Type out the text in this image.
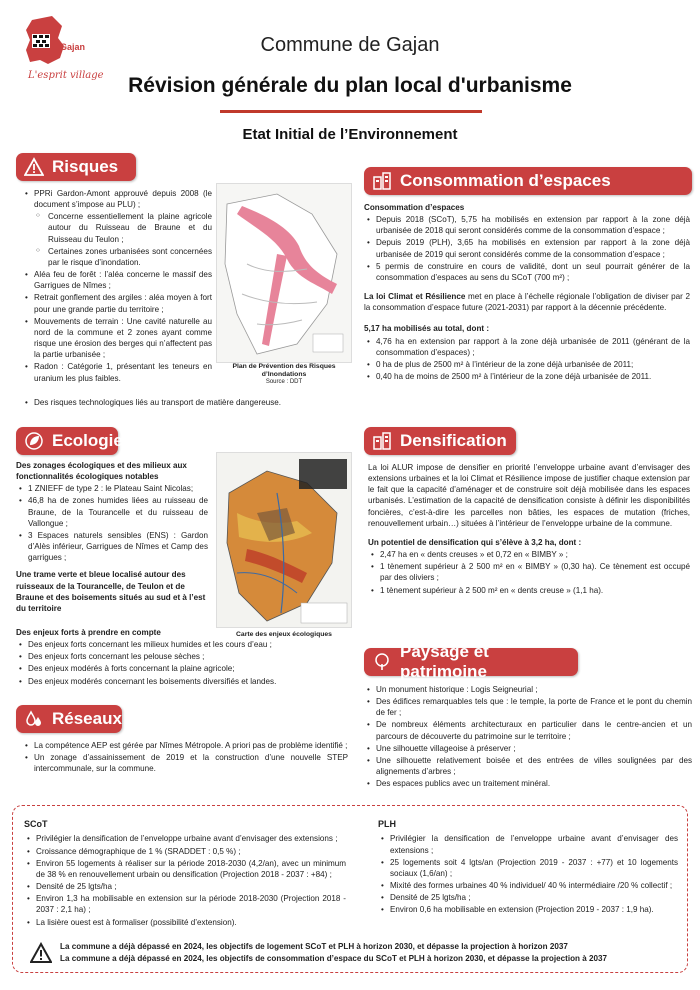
Gajan
L'esprit village
Commune de Gajan
Révision générale du plan local d'urbanisme
Etat Initial de l’Environnement
Risques
• PPRi Gardon-Amont approuvé depuis 2008 (le document s’impose au PLU) ;
○ Concerne essentiellement la plaine agricole autour du Ruisseau de Braune et du Ruisseau du Teulon ;
○ Certaines zones urbanisées sont concernées par le risque d’inondation.
• Aléa feu de forêt : l’aléa concerne le massif des Garrigues de Nîmes ;
• Retrait gonflement des argiles : aléa moyen à fort pour une grande partie du territoire ;
• Mouvements de terrain : Une cavité naturelle au nord de la commune et 2 zones ayant comme risque une érosion des berges qui n’affectent pas la partie urbanisée ;
• Radon : Catégorie 1, présentant les teneurs en uranium les plus faibles.
• Des risques technologiques liés au transport de matière dangereuse.
Plan de Prévention des Risques d’Inondations
Source : DDT
Consommation d’espaces
Consommation d’espaces
• Depuis 2018 (SCoT), 5,75 ha mobilisés en extension par rapport à la zone déjà urbanisée de 2018 qui seront considérés comme de la consommation d’espace ;
• Depuis 2019 (PLH), 3,65 ha mobilisés en extension par rapport à la zone déjà urbanisée de 2019 qui seront considérés comme de la consommation d’espace ;
• 5 permis de construire en cours de validité, dont un seul pourrait générer de la consommation d’espaces au sens du SCoT (700 m²) ;

La loi Climat et Résilience met en place à l’échelle régionale l’obligation de diviser par 2 la consommation d’espace future (2021-2031) par rapport à la décennie précédente.

5,17 ha mobilisés au total, dont :
• 4,76 ha en extension par rapport à la zone déjà urbanisée de 2011 (générant de la consommation d’espaces) ;
• 0 ha de plus de 2500 m² à l’intérieur de la zone déjà urbanisée de 2011;
• 0,40 ha de moins de 2500 m² à l’intérieur de la zone déjà urbanisée de 2011.
Ecologie
Des zonages écologiques et des milieux aux fonctionnalités écologiques notables
• 1 ZNIEFF de type 2 : le Plateau Saint Nicolas;
• 46,8 ha de zones humides liées au ruisseau de Braune, de la Tourancelle et du ruisseau de Vallongue ;
• 3 Espaces naturels sensibles (ENS) : Gardon d’Alès inférieur, Garrigues de Nîmes et Camp des garrigues ;
Une trame verte et bleue localisé autour des ruisseaux de la Tourancelle, de Teulon et de Braune et des boisements situés au sud et à l’est du territoire
Des enjeux forts à prendre en compte
• Des enjeux forts concernant les milieux humides et les cours d’eau ;
• Des enjeux forts concernant les pelouse sèches ;
• Des enjeux modérés à forts concernant la plaine agricole;
• Des enjeux modérés concernant les boisements diversifiés et landes.
Carte des enjeux écologiques
Densification

La loi ALUR impose de densifier en priorité l’enveloppe urbaine avant d’envisager des extensions urbaines et la loi Climat et Résilience impose de justifier chaque extension par le fait que la capacité d’aménager et de construire soit déjà mobilisée dans les espaces urbanisés. L’estimation de la capacité de densification consiste à définir les disponibilités foncières, c’est-à-dire les parcelles non bâties, les espaces de mutation (friches, renouvellement urbain…) situées à l’intérieur de l’enveloppe urbaine de la commune.

Un potentiel de densification qui s’élève à 3,2 ha, dont :
• 2,47 ha en « dents creuses » et 0,72 en « BIMBY » ;
• 1 tènement supérieur à 2 500 m² en « BIMBY » (0,30 ha). Ce tènement est occupé par des oliviers ;
• 1 tènement supérieur à 2 500 m² en « dents creuse » (1,1 ha).
Réseaux
• La compétence AEP est gérée par Nîmes Métropole. A priori pas de problème identifié ;
• Un zonage d’assainissement de 2019 et la construction d’une nouvelle STEP intercommunale, sur la commune.
Paysage et patrimoine
• Un monument historique : Logis Seigneurial ;
• Des édifices remarquables tels que : le temple, la porte de France et le pont du chemin de fer ;
• De nombreux éléments architecturaux en particulier dans le centre-ancien et un parcours de découverte du patrimoine sur le territoire ;
• Une silhouette villageoise à préserver ;
• Une silhouette relativement boisée et des entrées de villes soulignées par des alignements d’arbres ;
• Des espaces publics avec un traitement minéral.
SCoT
• Privilégier la densification de l’enveloppe urbaine avant d’envisager des extensions ;
• Croissance démographique de 1 % (SRADDET : 0,5 %) ;
• Environ 55 logements à réaliser sur la période 2018-2030 (4,2/an), avec un minimum de 38 % en renouvellement urbain ou densification (Projection 2018 - 2037 : +84) ;
• Densité de 25 lgts/ha ;
• Environ 1,3 ha mobilisable en extension sur la période 2018-2030 (Projection 2018 - 2037 : 2,1 ha) ;
• La lisière ouest est à formaliser (possibilité d’extension).
PLH
• Privilégier la densification de l’enveloppe urbaine avant d’envisager des extensions ;
• 25 logements soit 4 lgts/an (Projection 2019 - 2037 : +77) et 10 logements sociaux (1,6/an) ;
• Mixité des formes urbaines 40 % individuel/ 40 % intermédiaire /20 % collectif ;
• Densité de 25 lgts/ha ;
• Environ 0,6 ha mobilisable en extension (Projection 2019 - 2037 : 1,9 ha).
La commune a déjà dépassé en 2024, les objectifs de logement SCoT et PLH à horizon 2030, et dépasse la projection à horizon 2037
La commune a déjà dépassé en 2024, les objectifs de consommation d’espace du SCoT et PLH à horizon 2030, et dépasse la projection à 2037
